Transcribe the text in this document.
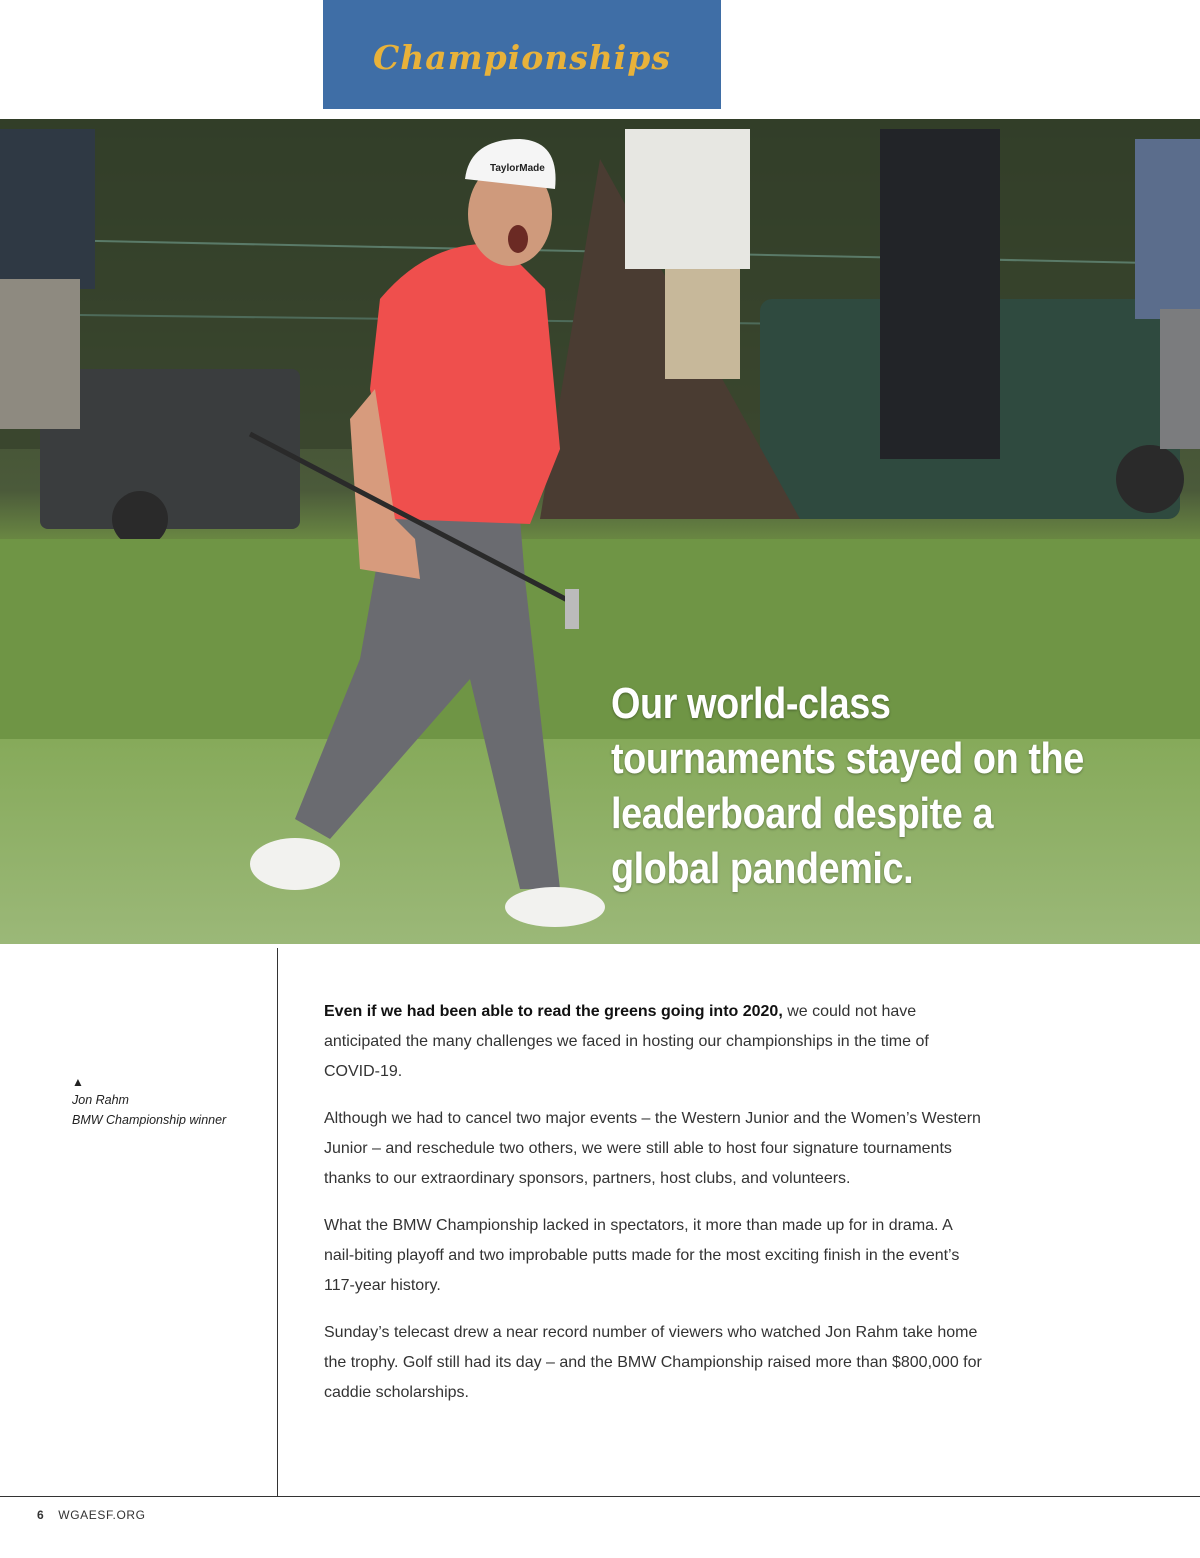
Championships
TaylorMade
Our world-class tournaments stayed on the leaderboard despite a global pandemic.
▲
Jon Rahm
BMW Championship winner

Even if we had been able to read the greens going into 2020, we could not have anticipated the many challenges we faced in hosting our championships in the time of COVID-19.

Although we had to cancel two major events – the Western Junior and the Women’s Western Junior – and reschedule two others, we were still able to host four signature tournaments thanks to our extraordinary sponsors, partners, host clubs, and volunteers.

What the BMW Championship lacked in spectators, it more than made up for in drama. A nail-biting playoff and two improbable putts made for the most exciting finish in the event’s 117-year history.

Sunday’s telecast drew a near record number of viewers who watched Jon Rahm take home the trophy. Golf still had its day – and the BMW Championship raised more than $800,000 for caddie scholarships.

6 WGAESF.ORG
